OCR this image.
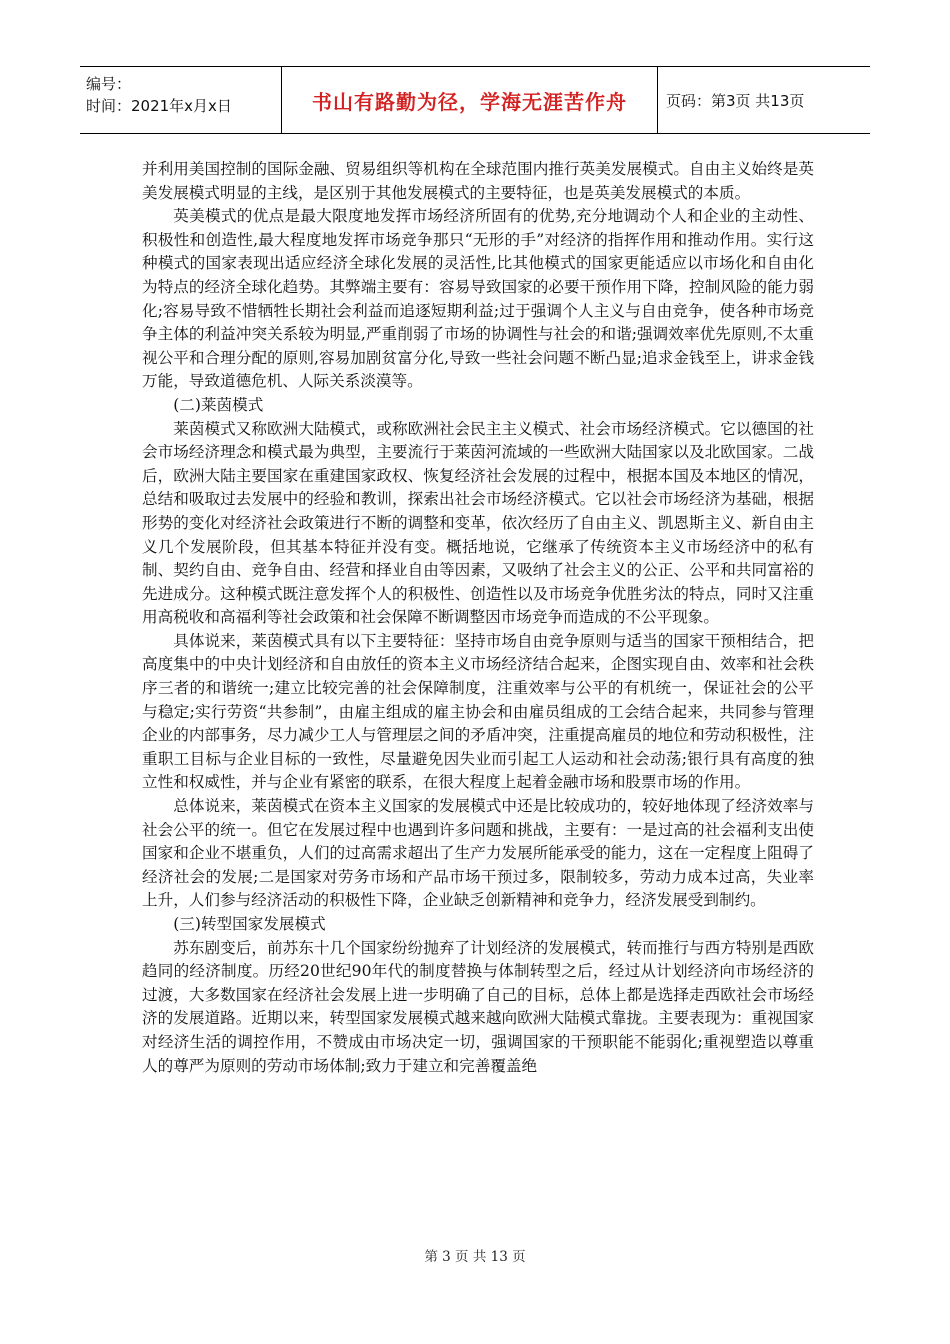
编号：
时间：2021年x月x日	书山有路勤为径，学海无涯苦作舟	页码：第3页 共13页

并利用美国控制的国际金融、贸易组织等机构在全球范围内推行英美发展模式。自由主义始终是英美发展模式明显的主线，是区别于其他发展模式的主要特征，也是英美发展模式的本质。

英美模式的优点是最大限度地发挥市场经济所固有的优势,充分地调动个人和企业的主动性、积极性和创造性,最大程度地发挥市场竞争那只“无形的手”对经济的指挥作用和推动作用。实行这种模式的国家表现出适应经济全球化发展的灵活性,比其他模式的国家更能适应以市场化和自由化为特点的经济全球化趋势。其弊端主要有：容易导致国家的必要干预作用下降，控制风险的能力弱化;容易导致不惜牺牲长期社会利益而追逐短期利益;过于强调个人主义与自由竞争，使各种市场竞争主体的利益冲突关系较为明显,严重削弱了市场的协调性与社会的和谐;强调效率优先原则,不太重视公平和合理分配的原则,容易加剧贫富分化,导致一些社会问题不断凸显;追求金钱至上，讲求金钱万能，导致道德危机、人际关系淡漠等。

(二)莱茵模式

莱茵模式又称欧洲大陆模式，或称欧洲社会民主主义模式、社会市场经济模式。它以德国的社会市场经济理念和模式最为典型，主要流行于莱茵河流域的一些欧洲大陆国家以及北欧国家。二战后，欧洲大陆主要国家在重建国家政权、恢复经济社会发展的过程中，根据本国及本地区的情况，总结和吸取过去发展中的经验和教训，探索出社会市场经济模式。它以社会市场经济为基础，根据形势的变化对经济社会政策进行不断的调整和变革，依次经历了自由主义、凯恩斯主义、新自由主义几个发展阶段，但其基本特征并没有变。概括地说，它继承了传统资本主义市场经济中的私有制、契约自由、竞争自由、经营和择业自由等因素，又吸纳了社会主义的公正、公平和共同富裕的先进成分。这种模式既注意发挥个人的积极性、创造性以及市场竞争优胜劣汰的特点，同时又注重用高税收和高福利等社会政策和社会保障不断调整因市场竞争而造成的不公平现象。

具体说来，莱茵模式具有以下主要特征：坚持市场自由竞争原则与适当的国家干预相结合，把高度集中的中央计划经济和自由放任的资本主义市场经济结合起来，企图实现自由、效率和社会秩序三者的和谐统一;建立比较完善的社会保障制度，注重效率与公平的有机统一，保证社会的公平与稳定;实行劳资“共参制”，由雇主组成的雇主协会和由雇员组成的工会结合起来，共同参与管理企业的内部事务，尽力减少工人与管理层之间的矛盾冲突，注重提高雇员的地位和劳动积极性，注重职工目标与企业目标的一致性，尽量避免因失业而引起工人运动和社会动荡;银行具有高度的独立性和权威性，并与企业有紧密的联系，在很大程度上起着金融市场和股票市场的作用。

总体说来，莱茵模式在资本主义国家的发展模式中还是比较成功的，较好地体现了经济效率与社会公平的统一。但它在发展过程中也遇到许多问题和挑战，主要有：一是过高的社会福利支出使国家和企业不堪重负，人们的过高需求超出了生产力发展所能承受的能力，这在一定程度上阻碍了经济社会的发展;二是国家对劳务市场和产品市场干预过多，限制较多，劳动力成本过高，失业率上升，人们参与经济活动的积极性下降，企业缺乏创新精神和竞争力，经济发展受到制约。

(三)转型国家发展模式

苏东剧变后，前苏东十几个国家纷纷抛弃了计划经济的发展模式，转而推行与西方特别是西欧趋同的经济制度。历经20世纪90年代的制度替换与体制转型之后，经过从计划经济向市场经济的过渡，大多数国家在经济社会发展上进一步明确了自己的目标，总体上都是选择走西欧社会市场经济的发展道路。近期以来，转型国家发展模式越来越向欧洲大陆模式靠拢。主要表现为：重视国家对经济生活的调控作用，不赞成由市场决定一切，强调国家的干预职能不能弱化;重视塑造以尊重人的尊严为原则的劳动市场体制;致力于建立和完善覆盖绝

第 3 页 共 13 页
